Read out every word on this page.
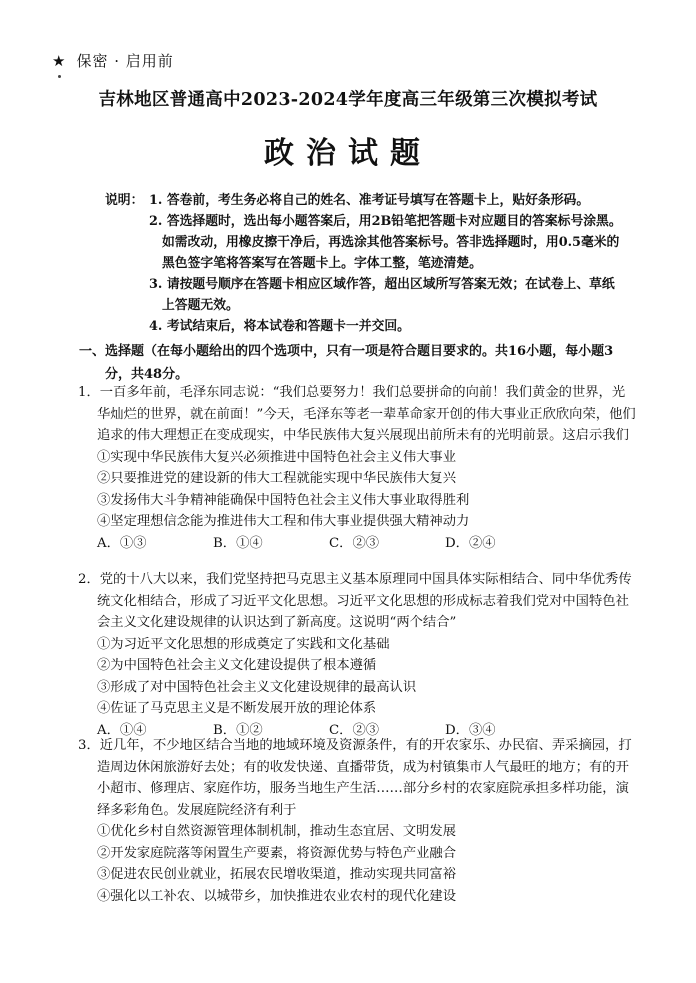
★ 保密 · 启用前
吉林地区普通高中2023-2024学年度高三年级第三次模拟考试
政治试题
说明： 1. 答卷前，考生务必将自己的姓名、准考证号填写在答题卡上，贴好条形码。
2. 答选择题时，选出每小题答案后，用2B铅笔把答题卡对应题目的答案标号涂黑。如需改动，用橡皮擦干净后，再选涂其他答案标号。答非选择题时，用0.5毫米的黑色签字笔将答案写在答题卡上。字体工整，笔迹清楚。
3. 请按题号顺序在答题卡相应区域作答，超出区域所写答案无效；在试卷上、草纸上答题无效。
4. 考试结束后，将本试卷和答题卡一并交回。
一、选择题（在每小题给出的四个选项中，只有一项是符合题目要求的。共16小题，每小题3分，共48分。
1．一百多年前，毛泽东同志说：“我们总要努力！我们总要拼命的向前！我们黄金的世界，光华灿烂的世界，就在前面！”今天，毛泽东等老一辈革命家开创的伟大事业正欣欣向荣，他们追求的伟大理想正在变成现实，中华民族伟大复兴展现出前所未有的光明前景。这启示我们
①实现中华民族伟大复兴必须推进中国特色社会主义伟大事业
②只要推进党的建设新的伟大工程就能实现中华民族伟大复兴
③发扬伟大斗争精神能确保中国特色社会主义伟大事业取得胜利
④坚定理想信念能为推进伟大工程和伟大事业提供强大精神动力
A．①③	B．①④	C．②③	D．②④
2．党的十八大以来，我们党坚持把马克思主义基本原理同中国具体实际相结合、同中华优秀传统文化相结合，形成了习近平文化思想。习近平文化思想的形成标志着我们党对中国特色社会主义文化建设规律的认识达到了新高度。这说明“两个结合”
①为习近平文化思想的形成奠定了实践和文化基础
②为中国特色社会主义文化建设提供了根本遵循
③形成了对中国特色社会主义文化建设规律的最高认识
④佐证了马克思主义是不断发展开放的理论体系
A．①④	B．①②	C．②③	D．③④
3．近几年，不少地区结合当地的地域环境及资源条件，有的开农家乐、办民宿、弄采摘园，打造周边休闲旅游好去处；有的收发快递、直播带货，成为村镇集市人气最旺的地方；有的开小超市、修理店、家庭作坊，服务当地生产生活……部分乡村的农家庭院承担多样功能，演绎多彩角色。发展庭院经济有利于
①优化乡村自然资源管理体制机制，推动生态宜居、文明发展
②开发家庭院落等闲置生产要素，将资源优势与特色产业融合
③促进农民创业就业，拓展农民增收渠道，推动实现共同富裕
④强化以工补农、以城带乡，加快推进农业农村的现代化建设
